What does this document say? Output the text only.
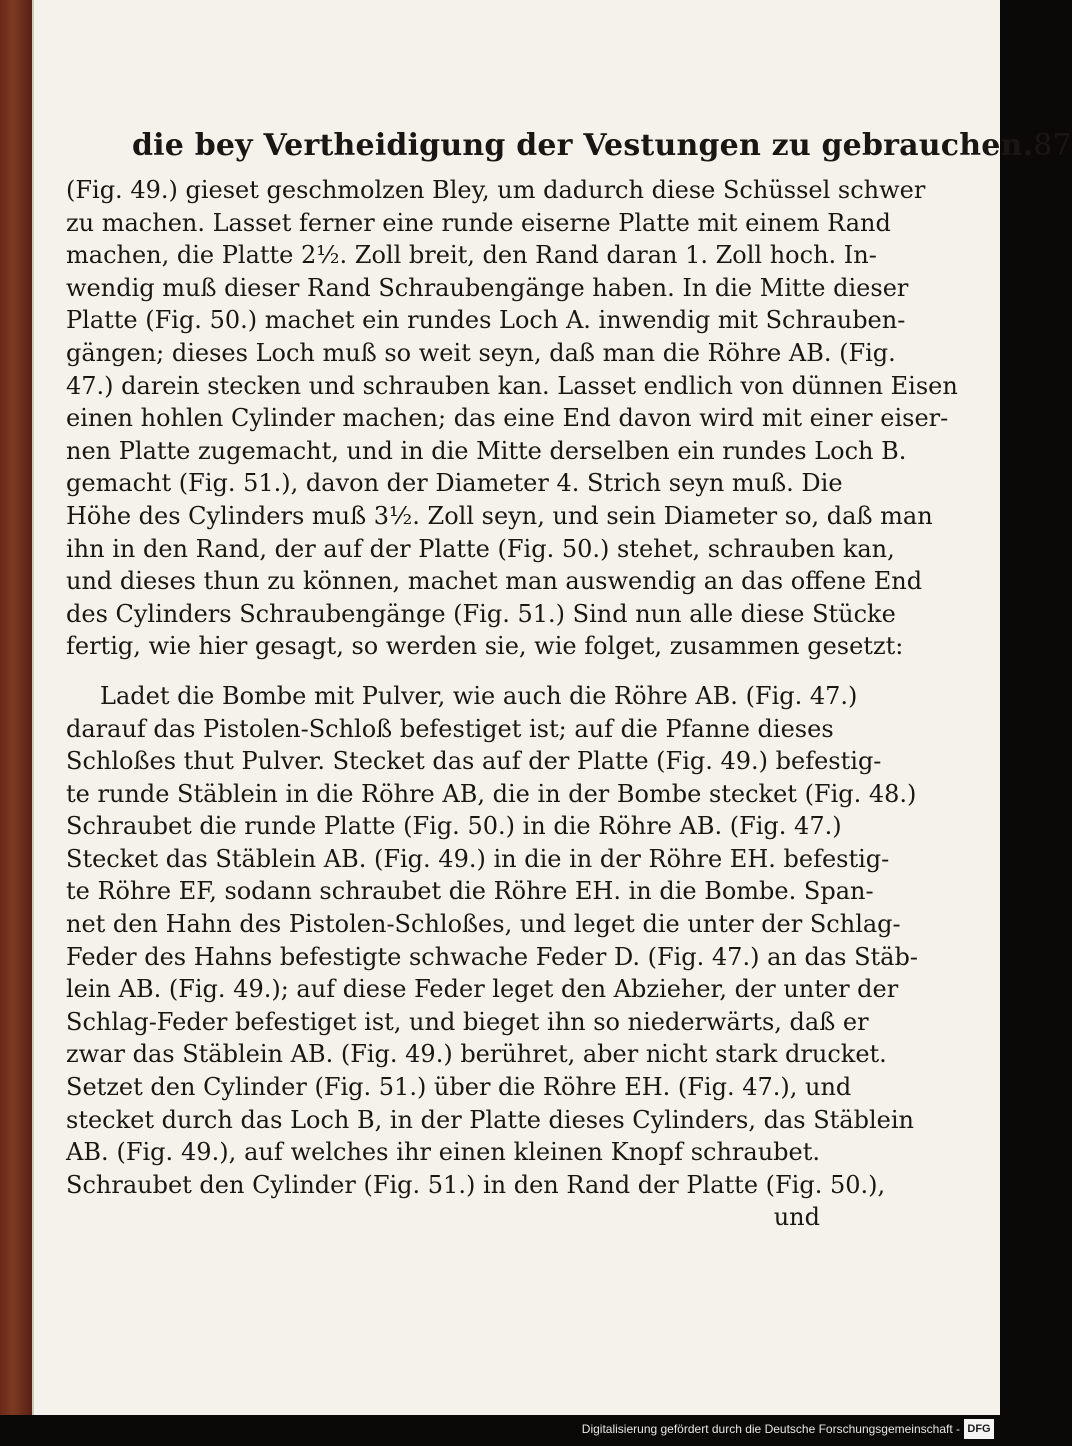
die bey Vertheidigung der Vestungen zu gebrauchen. 87
(Fig. 49.) gieset geschmolzen Bley, um dadurch diese Schüssel schwer
zu machen. Lasset ferner eine runde eiserne Platte mit einem Rand
machen, die Platte 2½. Zoll breit, den Rand daran 1. Zoll hoch. In-
wendig muß dieser Rand Schraubengänge haben. In die Mitte dieser
Platte (Fig. 50.) machet ein rundes Loch A. inwendig mit Schrauben-
gängen; dieses Loch muß so weit seyn, daß man die Röhre AB. (Fig.
47.) darein stecken und schrauben kan. Lasset endlich von dünnen Eisen
einen hohlen Cylinder machen; das eine End davon wird mit einer eiser-
nen Platte zugemacht, und in die Mitte derselben ein rundes Loch B.
gemacht (Fig. 51.), davon der Diameter 4. Strich seyn muß. Die
Höhe des Cylinders muß 3½. Zoll seyn, und sein Diameter so, daß man
ihn in den Rand, der auf der Platte (Fig. 50.) stehet, schrauben kan,
und dieses thun zu können, machet man auswendig an das offene End
des Cylinders Schraubengänge (Fig. 51.) Sind nun alle diese Stücke
fertig, wie hier gesagt, so werden sie, wie folget, zusammen gesetzt:
Ladet die Bombe mit Pulver, wie auch die Röhre AB. (Fig. 47.)
darauf das Pistolen-Schloß befestiget ist; auf die Pfanne dieses
Schloßes thut Pulver. Stecket das auf der Platte (Fig. 49.) befestig-
te runde Stäblein in die Röhre AB, die in der Bombe stecket (Fig. 48.)
Schraubet die runde Platte (Fig. 50.) in die Röhre AB. (Fig. 47.)
Stecket das Stäblein AB. (Fig. 49.) in die in der Röhre EH. befestig-
te Röhre EF, sodann schraubet die Röhre EH. in die Bombe. Span-
net den Hahn des Pistolen-Schloßes, und leget die unter der Schlag-
Feder des Hahns befestigte schwache Feder D. (Fig. 47.) an das Stäb-
lein AB. (Fig. 49.); auf diese Feder leget den Abzieher, der unter der
Schlag-Feder befestiget ist, und bieget ihn so niederwärts, daß er
zwar das Stäblein AB. (Fig. 49.) berühret, aber nicht stark drucket.
Setzet den Cylinder (Fig. 51.) über die Röhre EH. (Fig. 47.), und
stecket durch das Loch B, in der Platte dieses Cylinders, das Stäblein
AB. (Fig. 49.), auf welches ihr einen kleinen Knopf schraubet.
Schraubet den Cylinder (Fig. 51.) in den Rand der Platte (Fig. 50.),
und
Digitalisierung gefördert durch die Deutsche Forschungsgemeinschaft - DFG
